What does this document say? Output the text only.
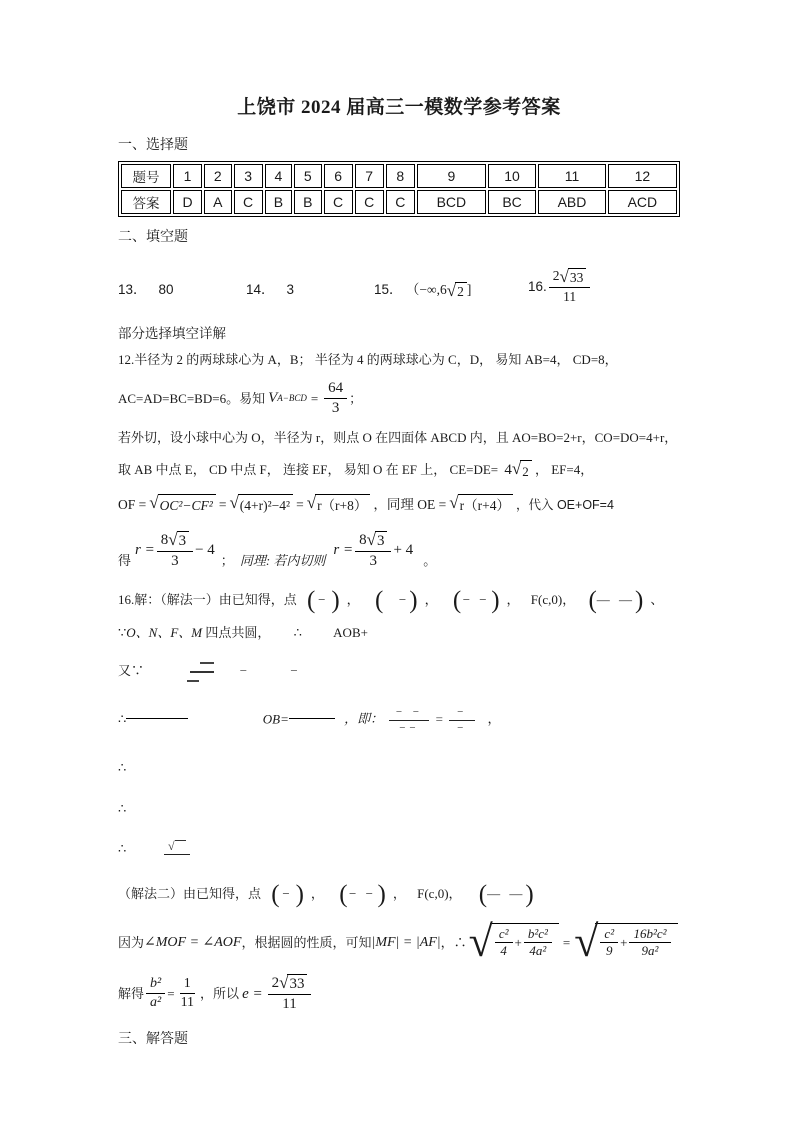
上饶市 2024 届高三一模数学参考答案
一、选择题
题号	1	2	3	4	5	6	7	8	9	10	11	12
答案	D	A	C	B	B	C	C	C	BCD	BC	ABD	ACD
二、填空题
13． 80	14． 3	15． （−∞,6 √ 2 ]	16. $\frac{2 √ 33}{11}$
部分选择填空详解
12.半径为 2 的两球球心为 A，B； 半径为 4 的两球球心为 C，D， 易知 AB=4， CD=8，
AC=AD=BC=BD=6。易知 V $A-BCD = \frac{64}{3}$ ；
若外切，设小球中心为 O，半径为 r，则点 O 在四面体 ABCD 内，且 AO=BO=2+r，CO=DO=4+r，
取 AB 中点 E， CD 中点 F， 连接 EF， 易知 O 在 EF 上， CE=DE= 4 √ 2 ， EF=4，
OF = √ OC²−CF² = √ (4+r)²−4² = √ r（r+8） ，同理 OE = √ r（r+4） ，代入 OE+OF=4
得
$r = \frac{8 √ 3}{3} - 4$
； 同理: 若内切则
$r = \frac{8 √ 3}{3} + 4$
。
16.解：（解法一）由已知得，点 ( − ) ， ( −) ， ( − −) ， F(c,0)， (— —) 、
∵O、N、F、M 四点共圆， ∴ AOB+
又∵	−	−
∴	OB=	，即： − −
−−
= −
−
，
∴
∴
∴	√
（解法二）由已知得，点 ( − ) ， ( − −) ， F(c,0)， (— —)
因为 ∠MOF = ∠AOF ，根据圆的性质，可知 |MF| = |AF| ，∴ √ $\frac{\text{c²}}{4} + \frac{\text{b²c²}}{\text{4a²}}$ = √ $\frac{\text{c²}}{9} + \frac{\text{16b²c²}}{\text{9a²}}$
解得 $\frac{\text{b²}}{\text{a²}} = \frac{1}{11}$ ，所以 $e = \frac{2 √ 33}{11}$
三、解答题
